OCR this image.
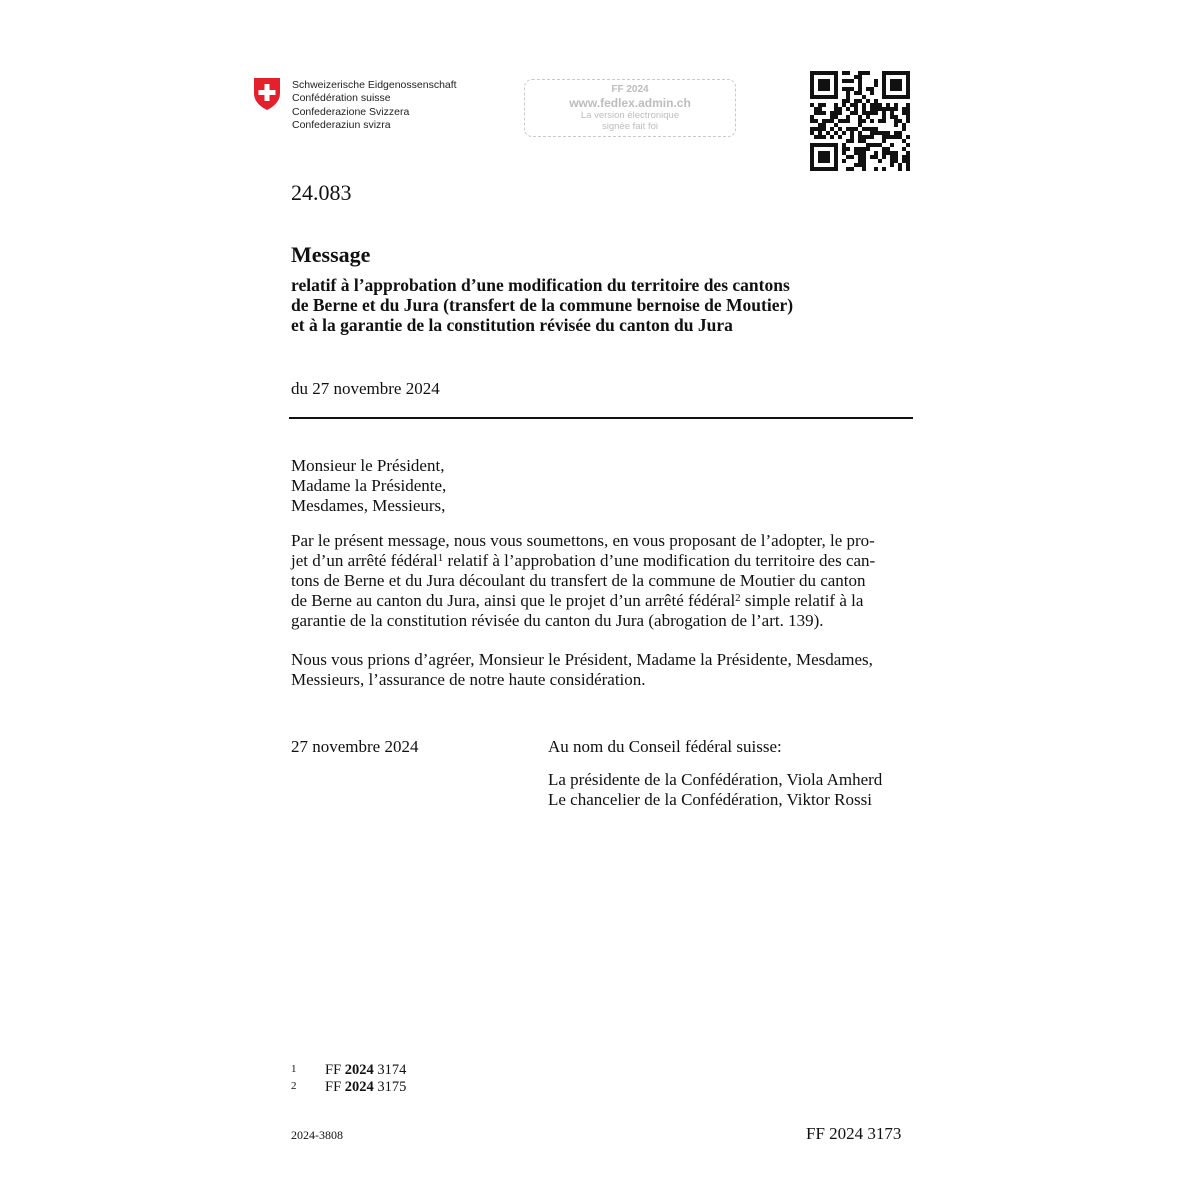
Schweizerische Eidgenossenschaft
Confédération suisse
Confederazione Svizzera
Confederaziun svizra
FF 2024
www.fedlex.admin.ch
La version électronique
signée fait foi
24.083
Message
relatif à l’approbation d’une modification du territoire des cantons
de Berne et du Jura (transfert de la commune bernoise de Moutier)
et à la garantie de la constitution révisée du canton du Jura
du 27 novembre 2024
Monsieur le Président,
Madame la Présidente,
Mesdames, Messieurs,
Par le présent message, nous vous soumettons, en vous proposant de l’adopter, le pro-
jet d’un arrêté fédéral$^1$ relatif à l’approbation d’une modification du territoire des can-
tons de Berne et du Jura découlant du transfert de la commune de Moutier du canton
de Berne au canton du Jura, ainsi que le projet d’un arrêté fédéral$^2$ simple relatif à la
garantie de la constitution révisée du canton du Jura (abrogation de l’art. 139).
Nous vous prions d’agréer, Monsieur le Président, Madame la Présidente, Mesdames,
Messieurs, l’assurance de notre haute considération.
27 novembre 2024	Au nom du Conseil fédéral suisse:
La présidente de la Confédération, Viola Amherd
Le chancelier de la Confédération, Viktor Rossi
1	FF 2024 3174
2	FF 2024 3175
2024-3808	FF 2024 3173
